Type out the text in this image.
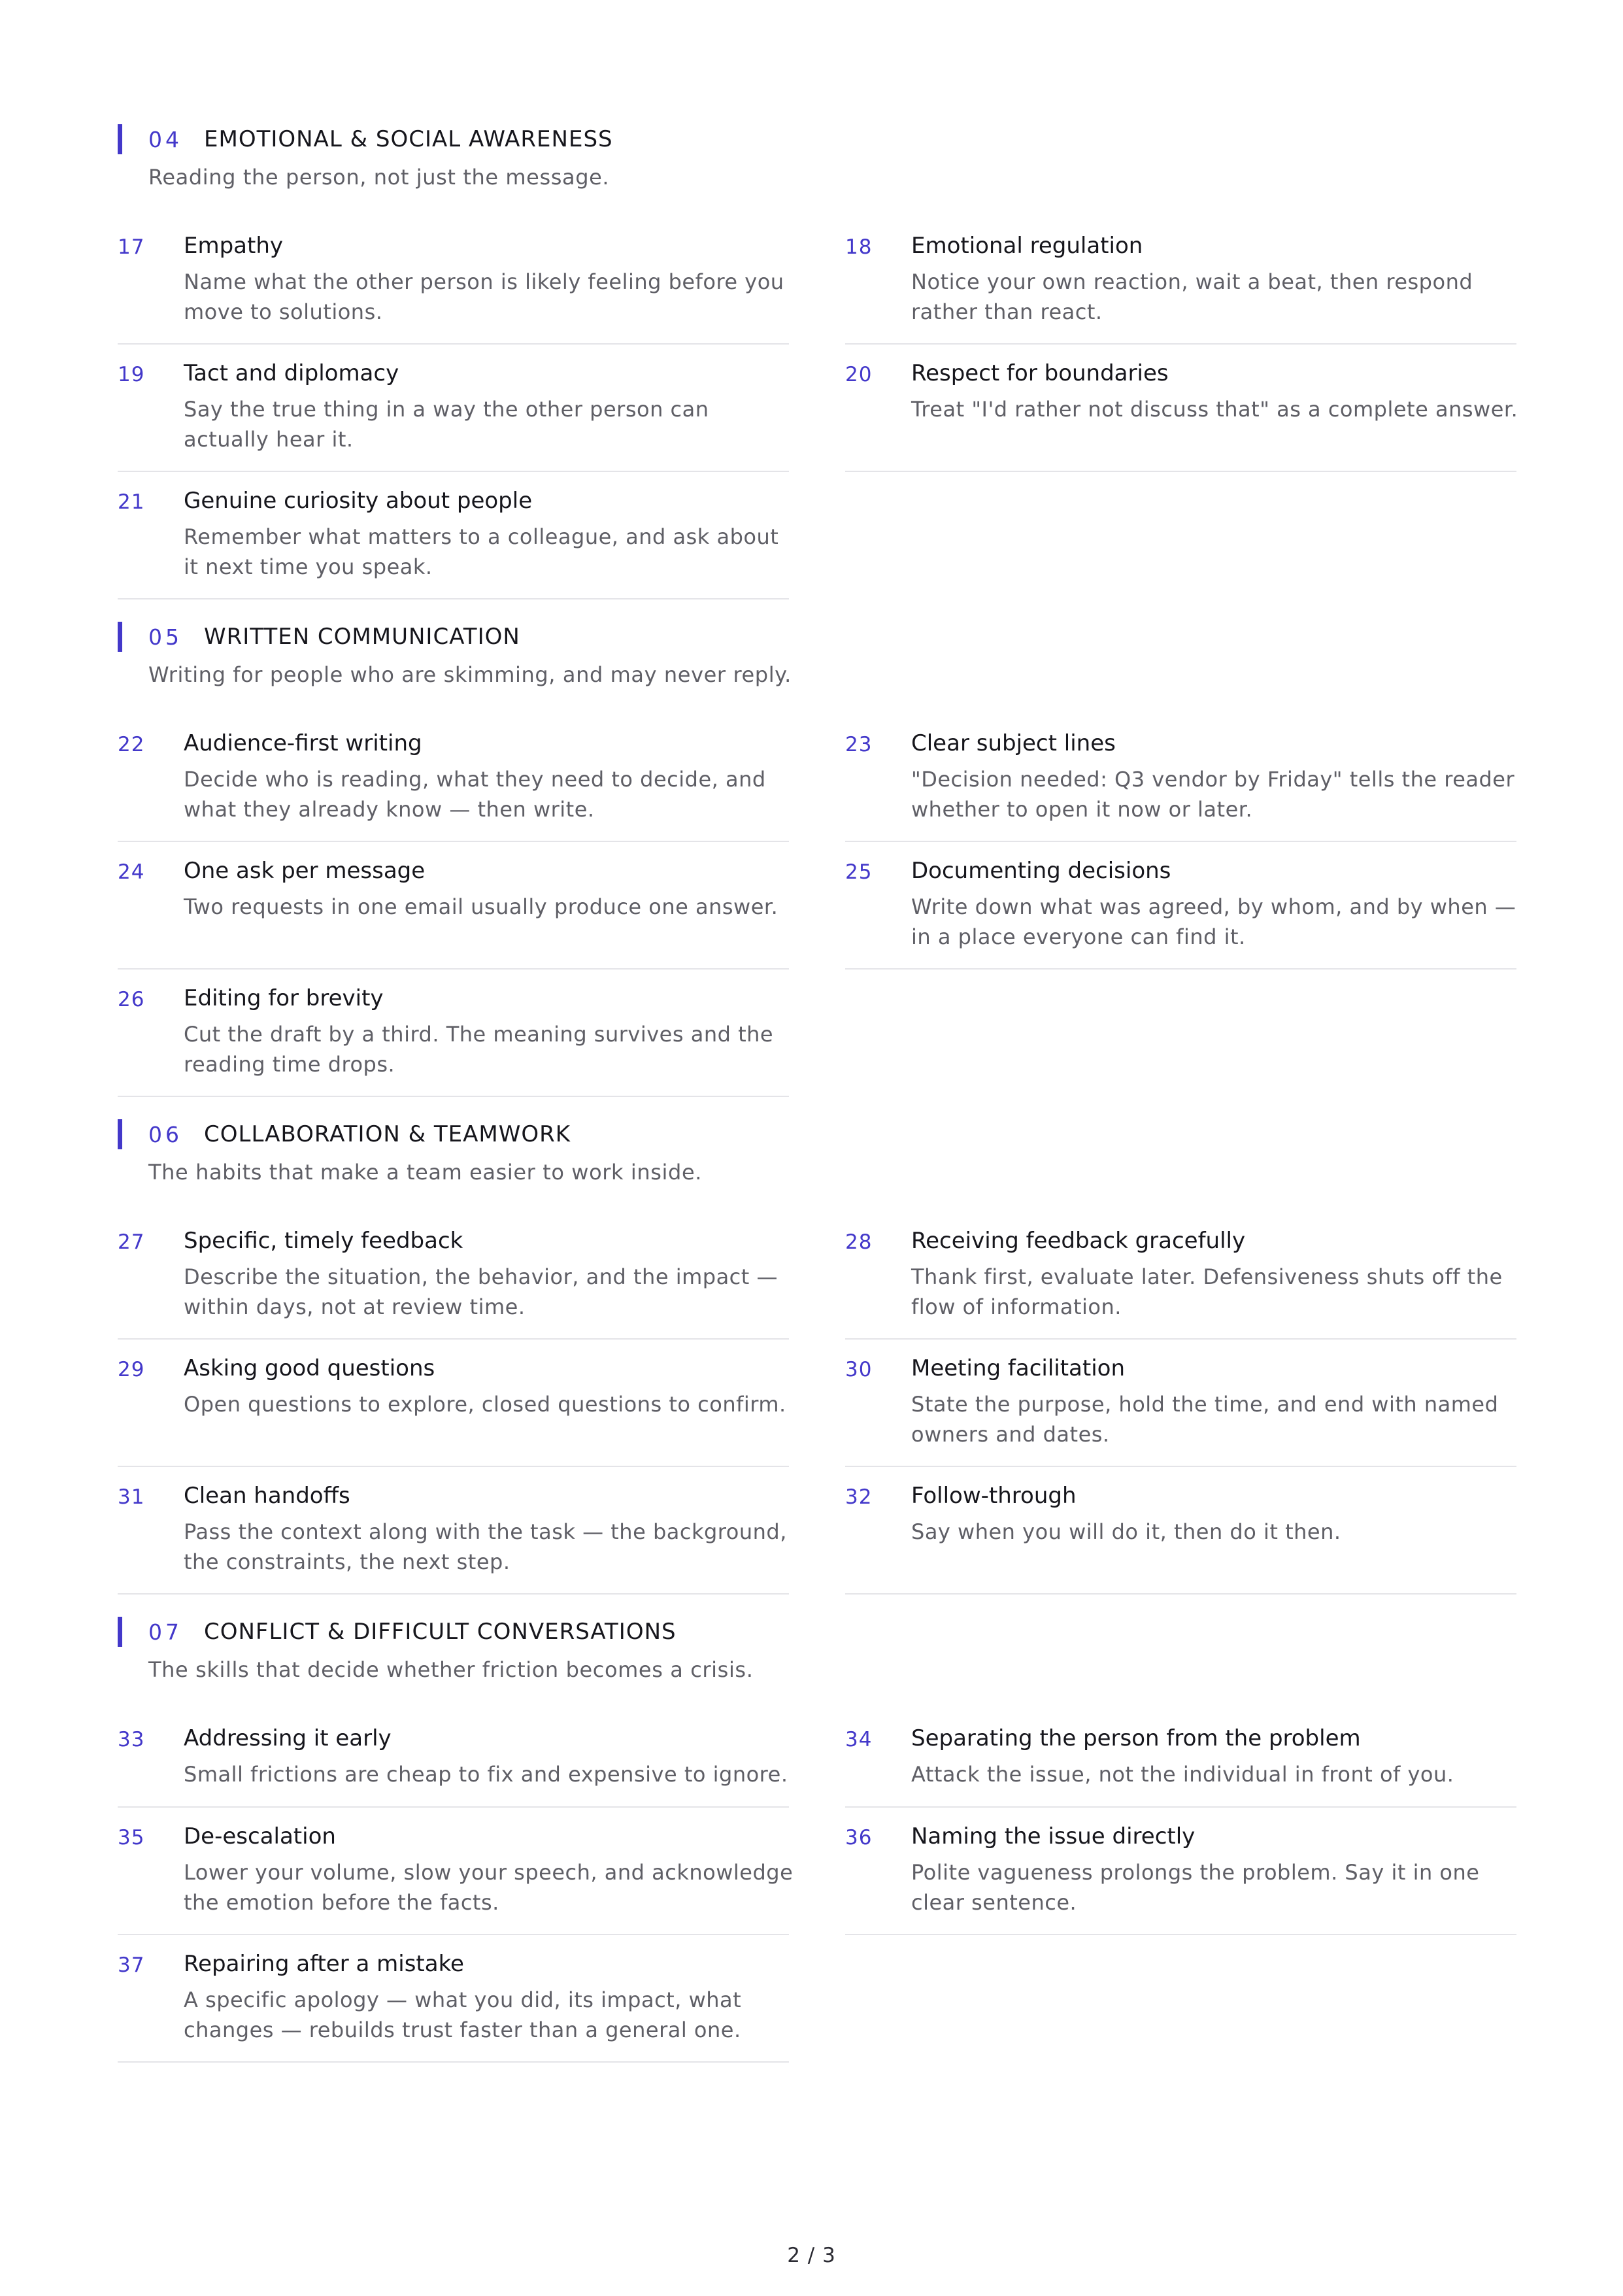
04 EMOTIONAL & SOCIAL AWARENESS
Reading the person, not just the message.
17 Empathy
Name what the other person is likely feeling before you move to solutions.
18 Emotional regulation
Notice your own reaction, wait a beat, then respond rather than react.
19 Tact and diplomacy
Say the true thing in a way the other person can actually hear it.
20 Respect for boundaries
Treat "I'd rather not discuss that" as a complete answer.
21 Genuine curiosity about people
Remember what matters to a colleague, and ask about it next time you speak.
05 WRITTEN COMMUNICATION
Writing for people who are skimming, and may never reply.
22 Audience-first writing
Decide who is reading, what they need to decide, and what they already know — then write.
23 Clear subject lines
"Decision needed: Q3 vendor by Friday" tells the reader whether to open it now or later.
24 One ask per message
Two requests in one email usually produce one answer.
25 Documenting decisions
Write down what was agreed, by whom, and by when — in a place everyone can find it.
26 Editing for brevity
Cut the draft by a third. The meaning survives and the reading time drops.
06 COLLABORATION & TEAMWORK
The habits that make a team easier to work inside.
27 Specific, timely feedback
Describe the situation, the behavior, and the impact — within days, not at review time.
28 Receiving feedback gracefully
Thank first, evaluate later. Defensiveness shuts off the flow of information.
29 Asking good questions
Open questions to explore, closed questions to confirm.
30 Meeting facilitation
State the purpose, hold the time, and end with named owners and dates.
31 Clean handoffs
Pass the context along with the task — the background, the constraints, the next step.
32 Follow-through
Say when you will do it, then do it then.
07 CONFLICT & DIFFICULT CONVERSATIONS
The skills that decide whether friction becomes a crisis.
33 Addressing it early
Small frictions are cheap to fix and expensive to ignore.
34 Separating the person from the problem
Attack the issue, not the individual in front of you.
35 De-escalation
Lower your volume, slow your speech, and acknowledge the emotion before the facts.
36 Naming the issue directly
Polite vagueness prolongs the problem. Say it in one clear sentence.
37 Repairing after a mistake
A specific apology — what you did, its impact, what changes — rebuilds trust faster than a general one.
2 / 3
